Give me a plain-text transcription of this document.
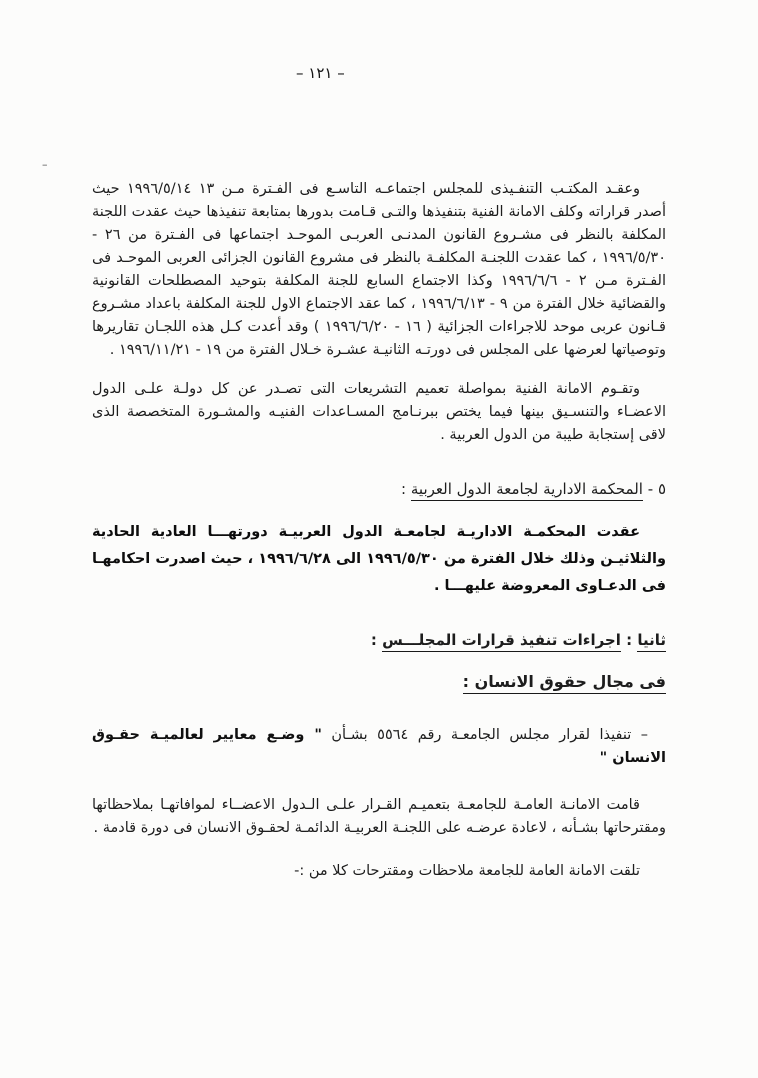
– ١٢١ –
–

وعقـد المكتـب التنفـيذى للمجلس اجتماعـه التاسـع فى الفـترة مـن ١٣ ١٩٩٦/٥/١٤ حيث أصدر قراراته وكلف الامانة الفنية بتنفيذها والتـى قـامت بدورها بمتابعة تنفيذها حيث عقدت اللجنة المكلفة بالنظر فى مشـروع القانون المدنـى العربـى الموحـد اجتماعها فى الفـترة من ٢٦ - ١٩٩٦/٥/٣٠ ، كما عقدت اللجنـة المكلفـة بالنظر فى مشروع القانون الجزائى العربى الموحـد فى الفـترة مـن ٢ - ١٩٩٦/٦/٦ وكذا الاجتماع السابع للجنة المكلفة بتوحيد المصطلحات القانونية والقضائية خلال الفترة من ٩ - ١٩٩٦/٦/١٣ ، كما عقد الاجتماع الاول للجنة المكلفة باعداد مشـروع قـانون عربى موحد للاجراءات الجزائية ( ١٦ - ١٩٩٦/٦/٢٠ ) وقد أعدت كـل هذه اللجـان تقاريرها وتوصياتها لعرضها على المجلس فى دورتـه الثانيـة عشـرة خـلال الفترة من ١٩ - ١٩٩٦/١١/٢١ .

وتقـوم الامانة الفنية بمواصلة تعميم التشريعات التى تصـدر عن كل دولـة علـى الدول الاعضـاء والتنسـيق بينها فيما يختص ببرنـامج المسـاعدات الفنيـه والمشـورة المتخصصة الذى لاقى إستجابة طيبة من الدول العربية .

٥ - المحكمة الادارية لجامعة الدول العربية :

عقدت المحكمـة الاداريـة لجامعـة الدول العربيـة دورتهـــا العادية الحادية والثلاثيـن وذلك خلال الفترة من ١٩٩٦/٥/٣٠ الى ١٩٩٦/٦/٢٨ ، حيث اصدرت احكامهـا فى الدعـاوى المعروضة عليهـــا .

ثانيا : اجراءات تنفيذ قرارات المجلـــس :
فى مجال حقوق الانسان :

– تنفيذا لقرار مجلس الجامعـة رقم ٥٥٦٤ بشـأن " وضـع معايير لعالميـة حقـوق الانسان "

قامت الامانـة العامـة للجامعـة بتعميـم القـرار علـى الـدول الاعضــاء لموافاتهـا بملاحظاتها ومقترحاتها بشـأنه ، لاعادة عرضـه على اللجنـة العربيـة الدائمـة لحقـوق الانسان فى دورة قادمة .

تلقت الامانة العامة للجامعة ملاحظات ومقترحات كلا من :-
